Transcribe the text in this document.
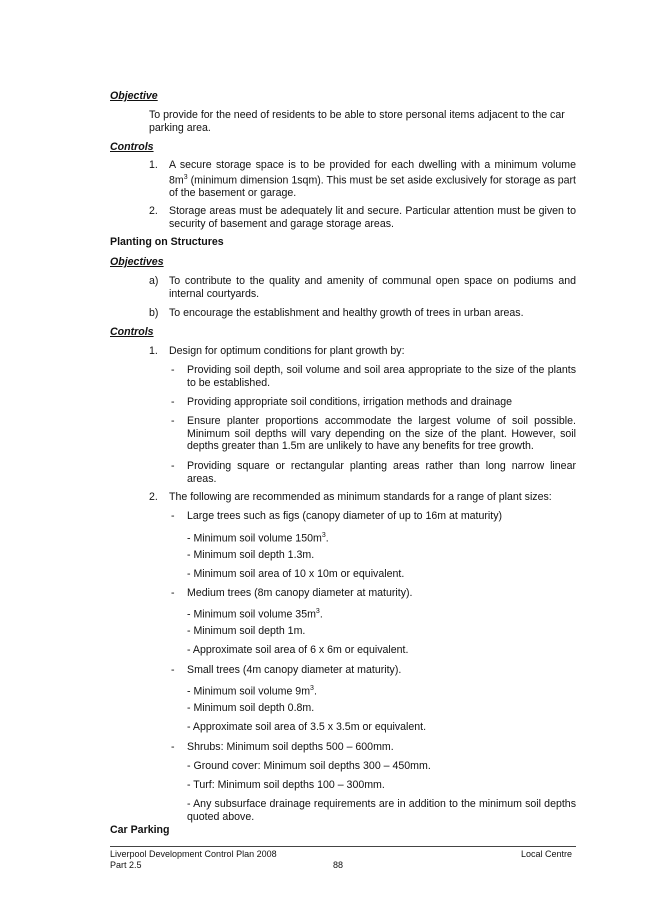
Objective
To provide for the need of residents to be able to store personal items adjacent to the car parking area.
Controls
1. A secure storage space is to be provided for each dwelling with a minimum volume $8m^3$ (minimum dimension 1sqm). This must be set aside exclusively for storage as part of the basement or garage.
2. Storage areas must be adequately lit and secure. Particular attention must be given to security of basement and garage storage areas.
Planting on Structures
Objectives
a) To contribute to the quality and amenity of communal open space on podiums and internal courtyards.
b) To encourage the establishment and healthy growth of trees in urban areas.
Controls
1. Design for optimum conditions for plant growth by:
- Providing soil depth, soil volume and soil area appropriate to the size of the plants to be established.
- Providing appropriate soil conditions, irrigation methods and drainage
- Ensure planter proportions accommodate the largest volume of soil possible. Minimum soil depths will vary depending on the size of the plant. However, soil depths greater than 1.5m are unlikely to have any benefits for tree growth.
- Providing square or rectangular planting areas rather than long narrow linear areas.
2. The following are recommended as minimum standards for a range of plant sizes:
- Large trees such as figs (canopy diameter of up to 16m at maturity)
- Minimum soil volume $150m^3$.
- Minimum soil depth 1.3m.
- Minimum soil area of 10 x 10m or equivalent.
- Medium trees (8m canopy diameter at maturity).
- Minimum soil volume $35m^3$.
- Minimum soil depth 1m.
- Approximate soil area of 6 x 6m or equivalent.
- Small trees (4m canopy diameter at maturity).
- Minimum soil volume $9m^3$.
- Minimum soil depth 0.8m.
- Approximate soil area of 3.5 x 3.5m or equivalent.
- Shrubs: Minimum soil depths 500 – 600mm.
- Ground cover: Minimum soil depths 300 – 450mm.
- Turf: Minimum soil depths 100 – 300mm.
- Any subsurface drainage requirements are in addition to the minimum soil depths quoted above.
Car Parking
Liverpool Development Control Plan 2008
Part 2.5	88
Local Centre
